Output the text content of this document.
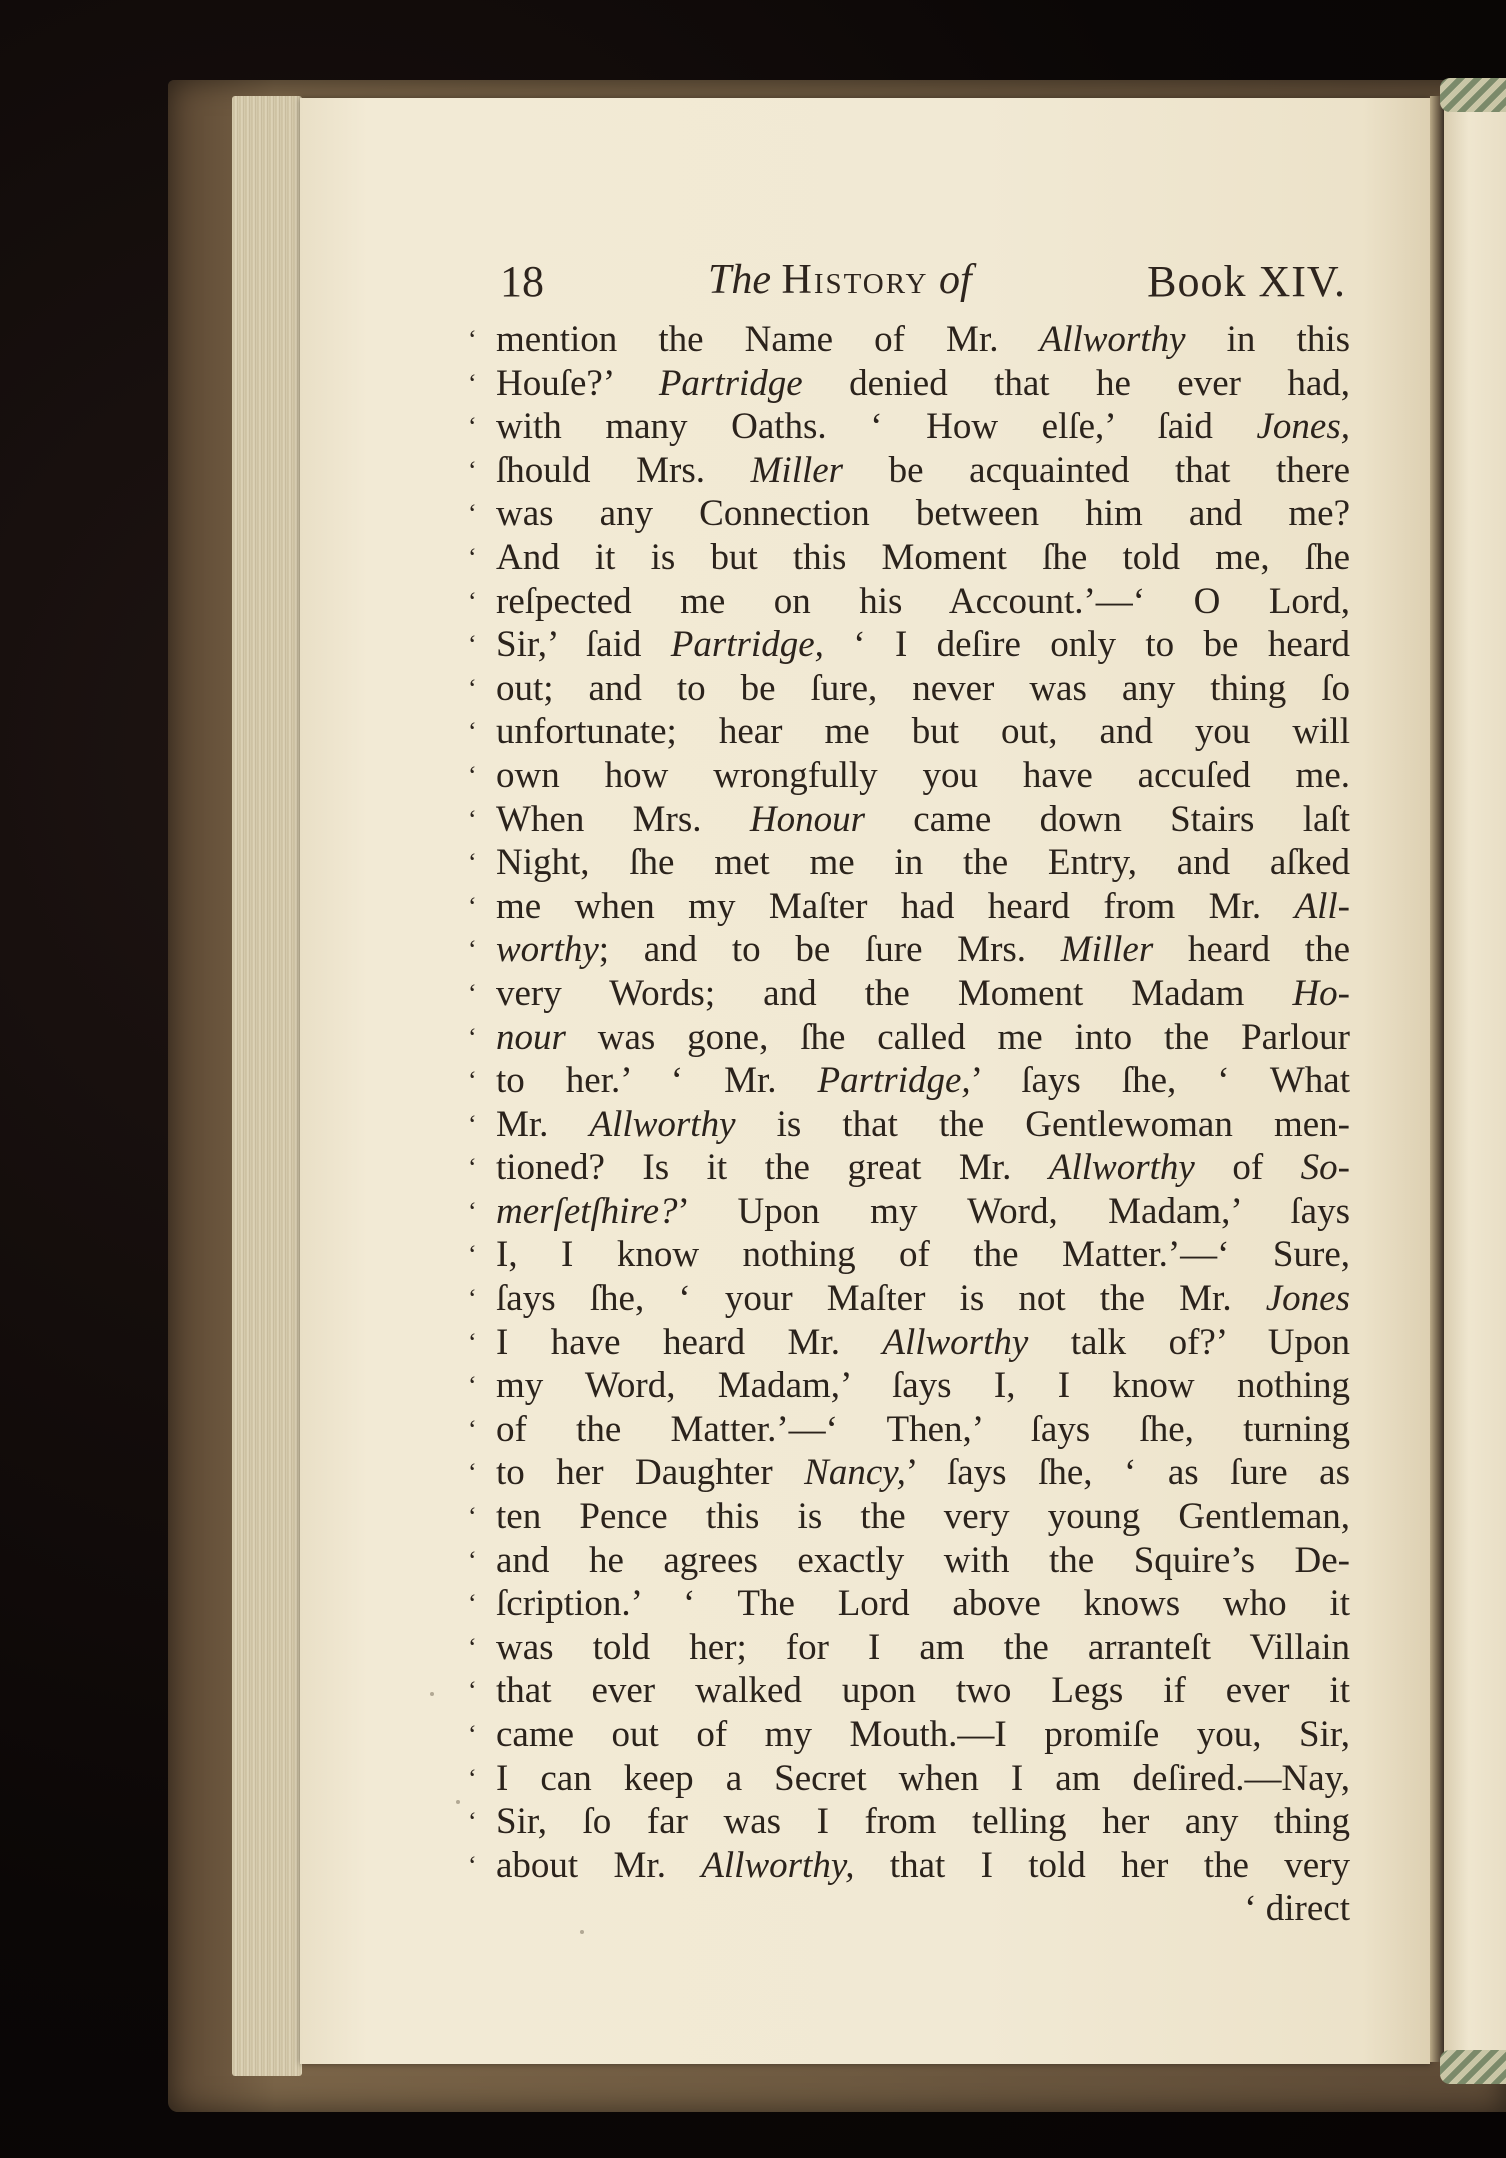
18	The History of	Book XIV.
‘ mention the Name of Mr. Allworthy in this
‘ Houſe?’ Partridge denied that he ever had,
‘ with many Oaths. ‘ How elſe,’ ſaid Jones,
‘ ſhould Mrs. Miller be acquainted that there
‘ was any Connection between him and me?
‘ And it is but this Moment ſhe told me, ſhe
‘ reſpected me on his Account.’—‘ O Lord,
‘ Sir,’ ſaid Partridge, ‘ I deſire only to be heard
‘ out; and to be ſure, never was any thing ſo
‘ unfortunate; hear me but out, and you will
‘ own how wrongfully you have accuſed me.
‘ When Mrs. Honour came down Stairs laſt
‘ Night, ſhe met me in the Entry, and aſked
‘ me when my Maſter had heard from Mr. All-
‘ worthy; and to be ſure Mrs. Miller heard the
‘ very Words; and the Moment Madam Ho-
‘ nour was gone, ſhe called me into the Parlour
‘ to her.’ ‘ Mr. Partridge,’ ſays ſhe, ‘ What
‘ Mr. Allworthy is that the Gentlewoman men-
‘ tioned? Is it the great Mr. Allworthy of So-
‘ merſetſhire?’ Upon my Word, Madam,’ ſays
‘ I, I know nothing of the Matter.’—‘ Sure,
‘ ſays ſhe, ‘ your Maſter is not the Mr. Jones
‘ I have heard Mr. Allworthy talk of?’ Upon
‘ my Word, Madam,’ ſays I, I know nothing
‘ of the Matter.’—‘ Then,’ ſays ſhe, turning
‘ to her Daughter Nancy,’ ſays ſhe, ‘ as ſure as
‘ ten Pence this is the very young Gentleman,
‘ and he agrees exactly with the Squire’s De-
‘ ſcription.’ ‘ The Lord above knows who it
‘ was told her; for I am the arranteſt Villain
‘ that ever walked upon two Legs if ever it
‘ came out of my Mouth.—I promiſe you, Sir,
‘ I can keep a Secret when I am deſired.—Nay,
‘ Sir, ſo far was I from telling her any thing
‘ about Mr. Allworthy, that I told her the very
‘ direct
